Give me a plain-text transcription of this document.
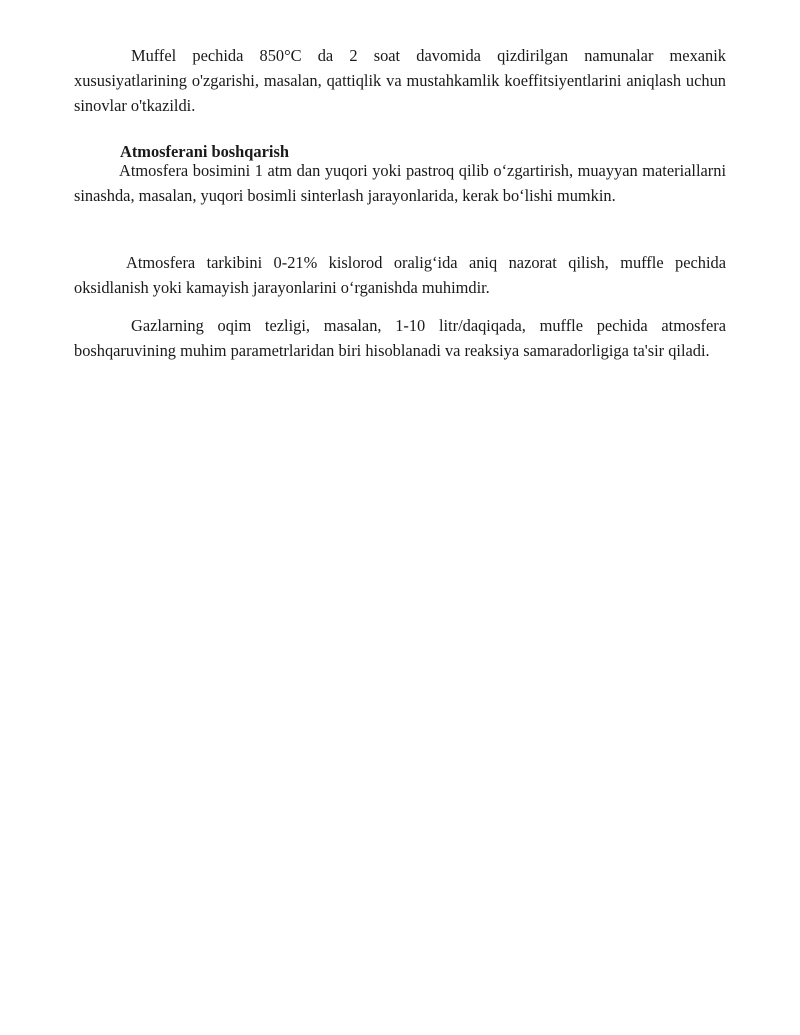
Muffel pechida 850°C da 2 soat davomida qizdirilgan namunalar mexanik xususiyatlarining o'zgarishi, masalan, qattiqlik va mustahkamlik koeffitsiyentlarini aniqlash uchun sinovlar o'tkazildi.

Atmosferani boshqarish

Atmosfera bosimini 1 atm dan yuqori yoki pastroq qilib o‘zgartirish, muayyan materiallarni sinashda, masalan, yuqori bosimli sinterlash jarayonlarida, kerak bo‘lishi mumkin.

Atmosfera tarkibini 0-21% kislorod oralig‘ida aniq nazorat qilish, muffle pechida oksidlanish yoki kamayish jarayonlarini o‘rganishda muhimdir.

Gazlarning oqim tezligi, masalan, 1-10 litr/daqiqada, muffle pechida atmosfera boshqaruvining muhim parametrlaridan biri hisoblanadi va reaksiya samaradorligiga ta'sir qiladi.
